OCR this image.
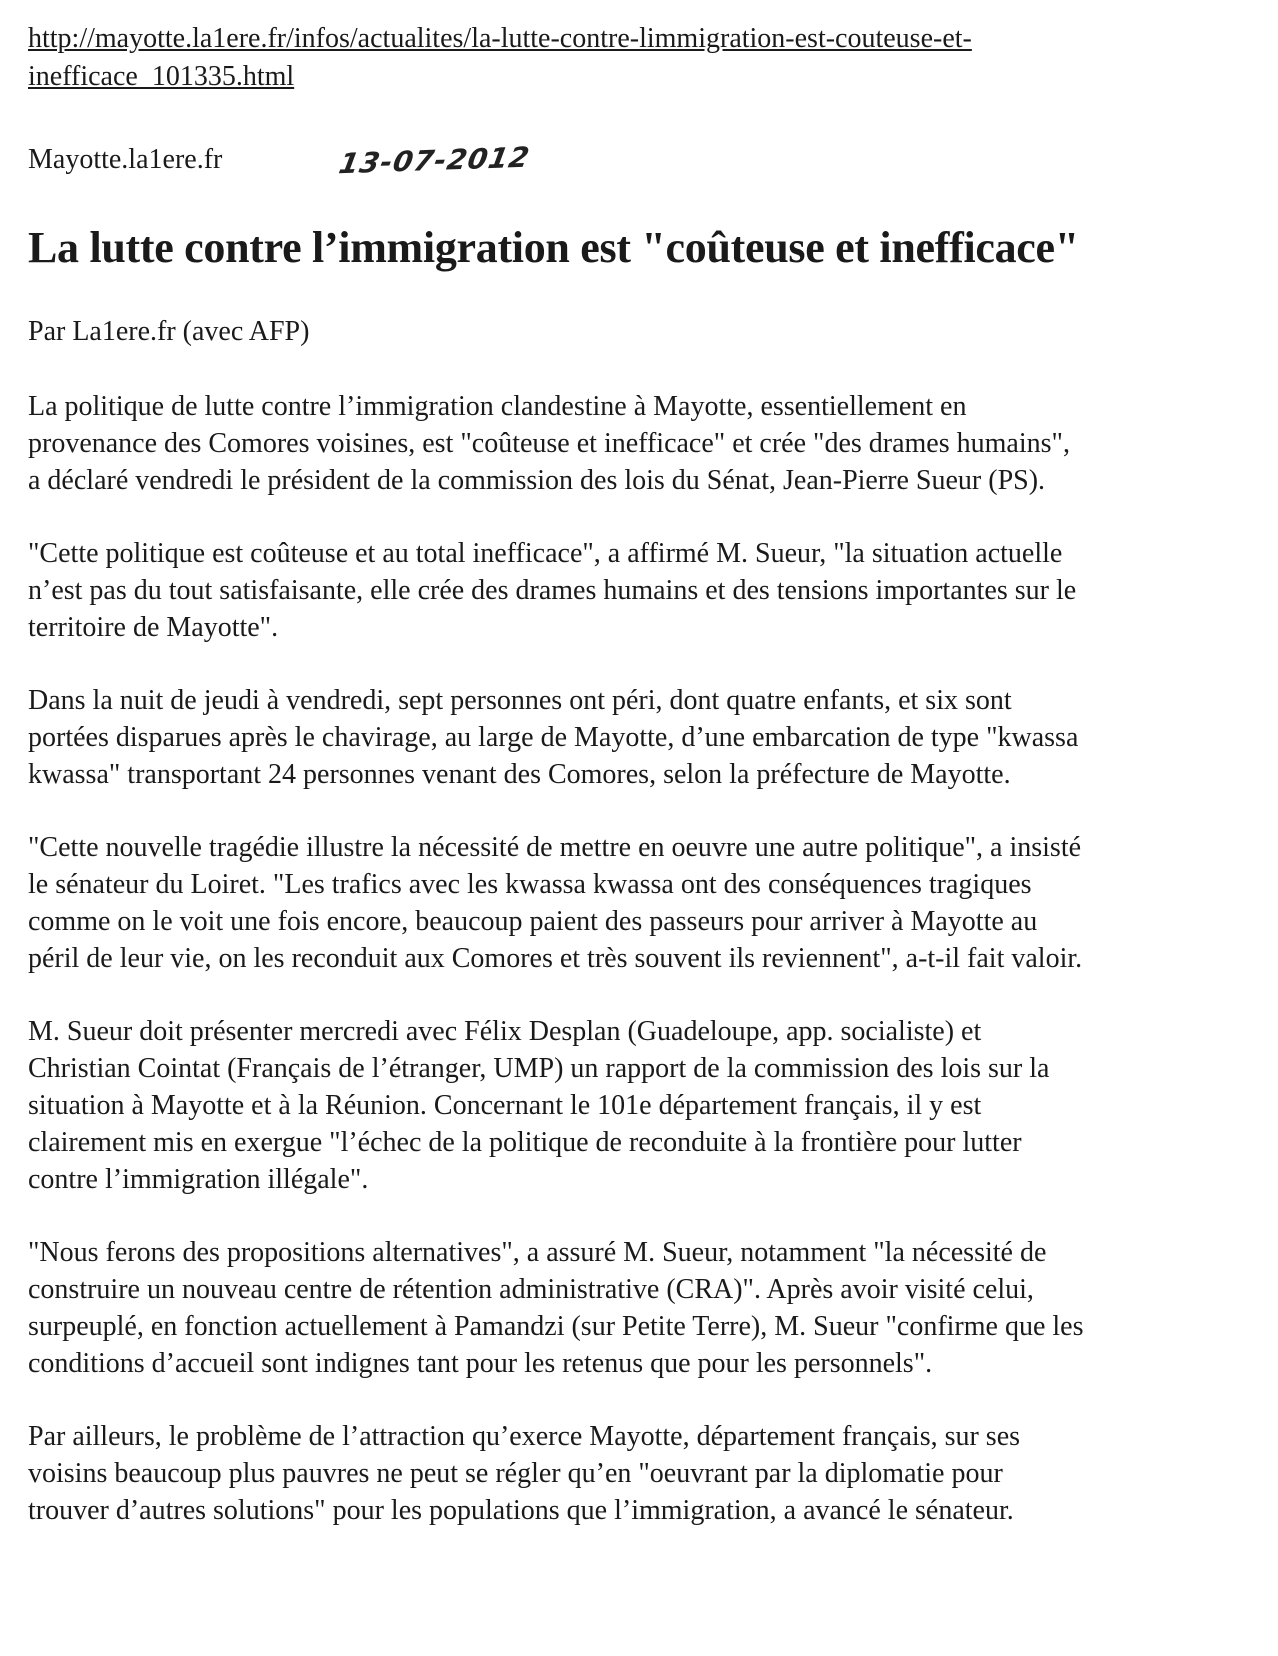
http://mayotte.la1ere.fr/infos/actualites/la-lutte-contre-limmigration-est-couteuse-et-
inefficace_101335.html
Mayotte.la1ere.fr	13-07-2012
La lutte contre l’immigration est "coûteuse et inefficace"

Par La1ere.fr (avec AFP)

La politique de lutte contre l’immigration clandestine à Mayotte, essentiellement en
provenance des Comores voisines, est "coûteuse et inefficace" et crée "des drames humains",
a déclaré vendredi le président de la commission des lois du Sénat, Jean-Pierre Sueur (PS).

"Cette politique est coûteuse et au total inefficace", a affirmé M. Sueur, "la situation actuelle
n’est pas du tout satisfaisante, elle crée des drames humains et des tensions importantes sur le
territoire de Mayotte".

Dans la nuit de jeudi à vendredi, sept personnes ont péri, dont quatre enfants, et six sont
portées disparues après le chavirage, au large de Mayotte, d’une embarcation de type "kwassa
kwassa" transportant 24 personnes venant des Comores, selon la préfecture de Mayotte.

"Cette nouvelle tragédie illustre la nécessité de mettre en oeuvre une autre politique", a insisté
le sénateur du Loiret. "Les trafics avec les kwassa kwassa ont des conséquences tragiques
comme on le voit une fois encore, beaucoup paient des passeurs pour arriver à Mayotte au
péril de leur vie, on les reconduit aux Comores et très souvent ils reviennent", a-t-il fait valoir.

M. Sueur doit présenter mercredi avec Félix Desplan (Guadeloupe, app. socialiste) et
Christian Cointat (Français de l’étranger, UMP) un rapport de la commission des lois sur la
situation à Mayotte et à la Réunion. Concernant le 101e département français, il y est
clairement mis en exergue "l’échec de la politique de reconduite à la frontière pour lutter
contre l’immigration illégale".

"Nous ferons des propositions alternatives", a assuré M. Sueur, notamment "la nécessité de
construire un nouveau centre de rétention administrative (CRA)". Après avoir visité celui,
surpeuplé, en fonction actuellement à Pamandzi (sur Petite Terre), M. Sueur "confirme que les
conditions d’accueil sont indignes tant pour les retenus que pour les personnels".

Par ailleurs, le problème de l’attraction qu’exerce Mayotte, département français, sur ses
voisins beaucoup plus pauvres ne peut se régler qu’en "oeuvrant par la diplomatie pour
trouver d’autres solutions" pour les populations que l’immigration, a avancé le sénateur.
